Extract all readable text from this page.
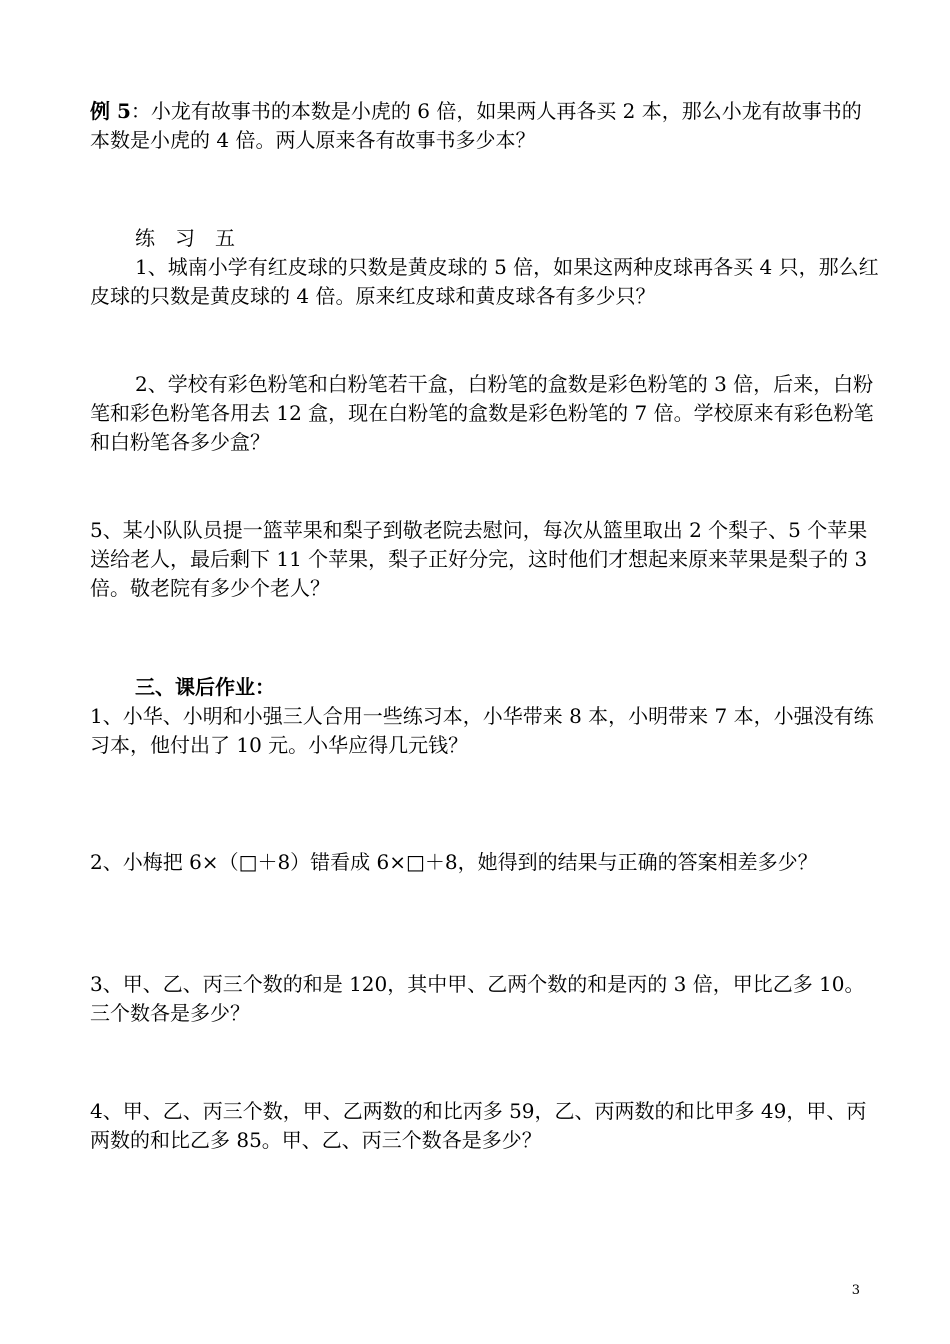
例 5：小龙有故事书的本数是小虎的 6 倍，如果两人再各买 2 本，那么小龙有故事书的本数是小虎的 4 倍。两人原来各有故事书多少本？

练　习　五

1、城南小学有红皮球的只数是黄皮球的 5 倍，如果这两种皮球再各买 4 只，那么红皮球的只数是黄皮球的 4 倍。原来红皮球和黄皮球各有多少只？

2、学校有彩色粉笔和白粉笔若干盒，白粉笔的盒数是彩色粉笔的 3 倍，后来，白粉笔和彩色粉笔各用去 12 盒，现在白粉笔的盒数是彩色粉笔的 7 倍。学校原来有彩色粉笔和白粉笔各多少盒？

5、某小队队员提一篮苹果和梨子到敬老院去慰问，每次从篮里取出 2 个梨子、5 个苹果送给老人，最后剩下 11 个苹果，梨子正好分完，这时他们才想起来原来苹果是梨子的 3 倍。敬老院有多少个老人？

三、课后作业：

1、小华、小明和小强三人合用一些练习本，小华带来 8 本，小明带来 7 本，小强没有练习本，他付出了 10 元。小华应得几元钱？

2、小梅把 6×（□＋8）错看成 6×□＋8，她得到的结果与正确的答案相差多少？

3、甲、乙、丙三个数的和是 120，其中甲、乙两个数的和是丙的 3 倍，甲比乙多 10。三个数各是多少？

4、甲、乙、丙三个数，甲、乙两数的和比丙多 59，乙、丙两数的和比甲多 49，甲、丙两数的和比乙多 85。甲、乙、丙三个数各是多少？

3
